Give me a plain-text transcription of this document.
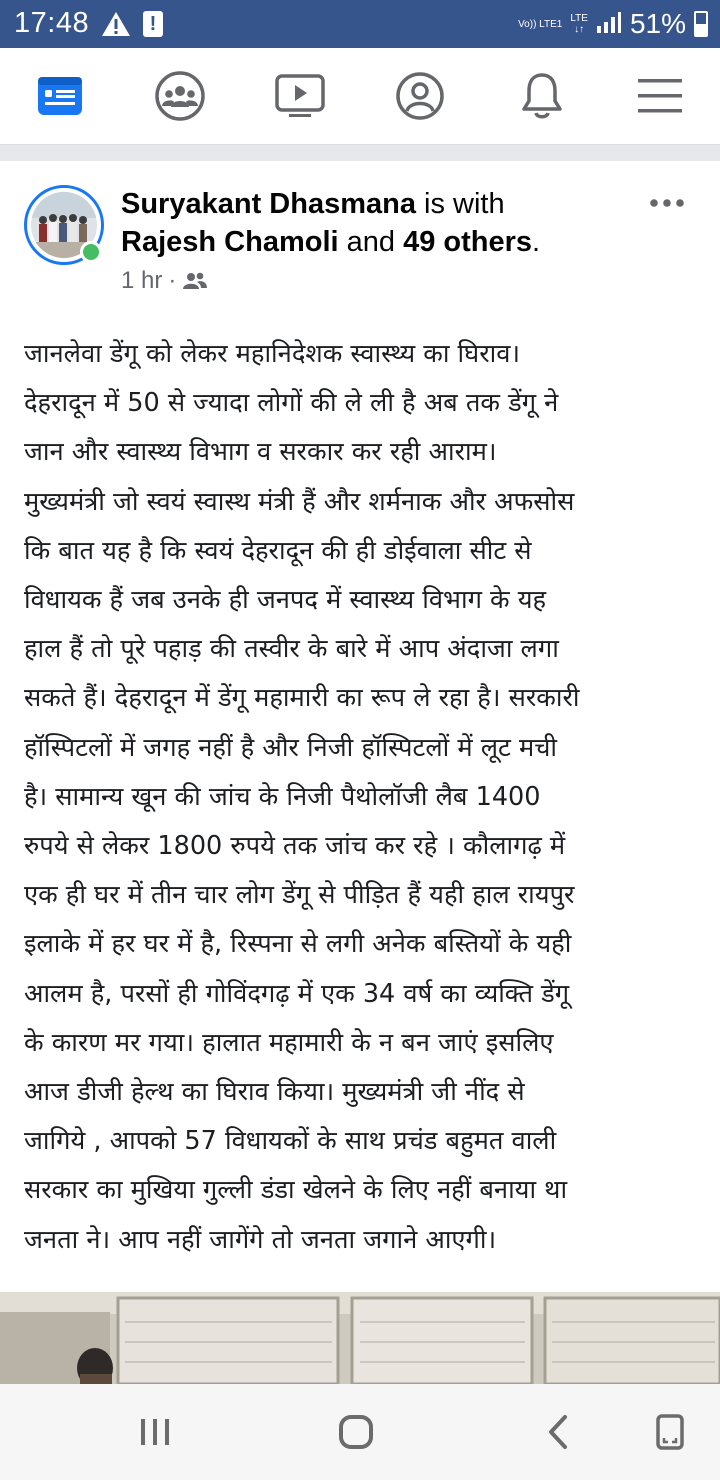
17:48	!	Vo)) LTE1 LTE
↓↑ 51%
Suryakant Dhasmana is with
Rajesh Chamoli and 49 others.
1 hr ·
जानलेवा डेंगू को लेकर महानिदेशक स्वास्थ्य का घिराव।
देहरादून में 50 से ज्यादा लोगों की ले ली है अब तक डेंगू ने
जान और स्वास्थ्य विभाग व सरकार कर रही आराम।
मुख्यमंत्री जो स्वयं स्वास्थ मंत्री हैं और शर्मनाक और अफसोस
कि बात यह है कि स्वयं देहरादून की ही डोईवाला सीट से
विधायक हैं जब उनके ही जनपद में स्वास्थ्य विभाग के यह
हाल हैं तो पूरे पहाड़ की तस्वीर के बारे में आप अंदाजा लगा
सकते हैं। देहरादून में डेंगू महामारी का रूप ले रहा है। सरकारी
हॉस्पिटलों में जगह नहीं है और निजी हॉस्पिटलों में लूट मची
है। सामान्य खून की जांच के निजी पैथोलॉजी लैब 1400
रुपये से लेकर 1800 रुपये तक जांच कर रहे । कौलागढ़ में
एक ही घर में तीन चार लोग डेंगू से पीड़ित हैं यही हाल रायपुर
इलाके में हर घर में है, रिस्पना से लगी अनेक बस्तियों के यही
आलम है, परसों ही गोविंदगढ़ में एक 34 वर्ष का व्यक्ति डेंगू
के कारण मर गया। हालात महामारी के न बन जाएं इसलिए
आज डीजी हेल्थ का घिराव किया। मुख्यमंत्री जी नींद से
जागिये , आपको 57 विधायकों के साथ प्रचंड बहुमत वाली
सरकार का मुखिया गुल्ली डंडा खेलने के लिए नहीं बनाया था
जनता ने। आप नहीं जागेंगे तो जनता जगाने आएगी।
